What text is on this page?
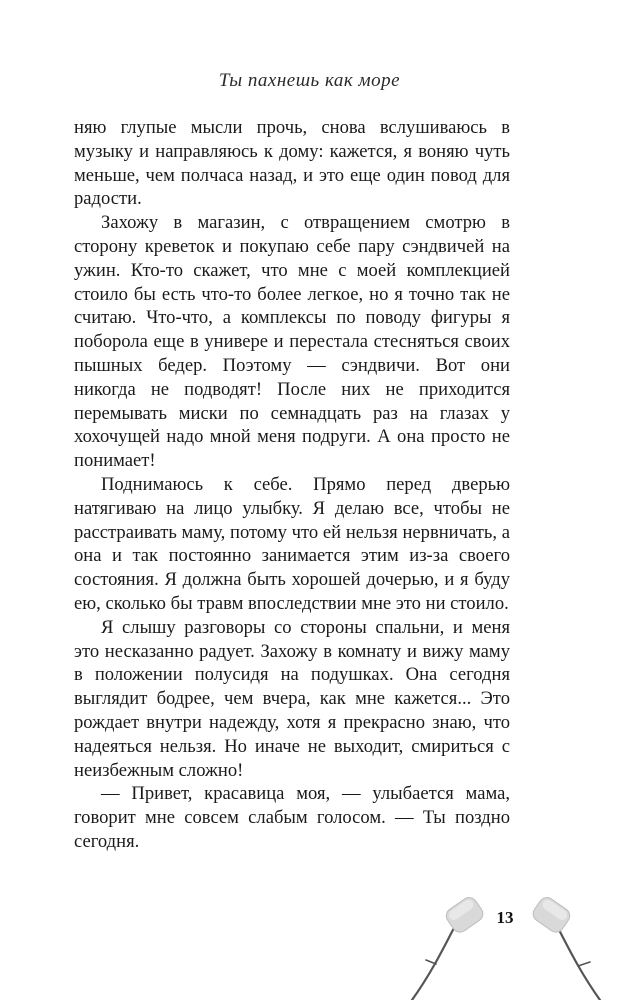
Ты пахнешь как море

няю глупые мысли прочь, снова вслушиваюсь в музыку и направляюсь к дому: кажется, я воняю чуть меньше, чем полчаса назад, и это еще один повод для радости.

Захожу в магазин, с отвращением смотрю в сторону креветок и покупаю себе пару сэндвичей на ужин. Кто-то скажет, что мне с моей комплекцией стоило бы есть что-то более легкое, но я точно так не считаю. Что-что, а комплексы по поводу фигуры я поборола еще в универе и перестала стесняться своих пышных бедер. Поэтому — сэндвичи. Вот они никогда не подводят! После них не приходится перемывать миски по семнадцать раз на глазах у хохочущей надо мной меня подруги. А она просто не понимает!

Поднимаюсь к себе. Прямо перед дверью натягиваю на лицо улыбку. Я делаю все, чтобы не расстраивать маму, потому что ей нельзя нервничать, а она и так постоянно занимается этим из-за своего состояния. Я должна быть хорошей дочерью, и я буду ею, сколько бы травм впоследствии мне это ни стоило.

Я слышу разговоры со стороны спальни, и меня это несказанно радует. Захожу в комнату и вижу маму в положении полусидя на подушках. Она сегодня выглядит бодрее, чем вчера, как мне кажется... Это рождает внутри надежду, хотя я прекрасно знаю, что надеяться нельзя. Но иначе не выходит, смириться с неизбежным сложно!

— Привет, красавица моя, — улыбается мама, говорит мне совсем слабым голосом. — Ты поздно сегодня.

13
